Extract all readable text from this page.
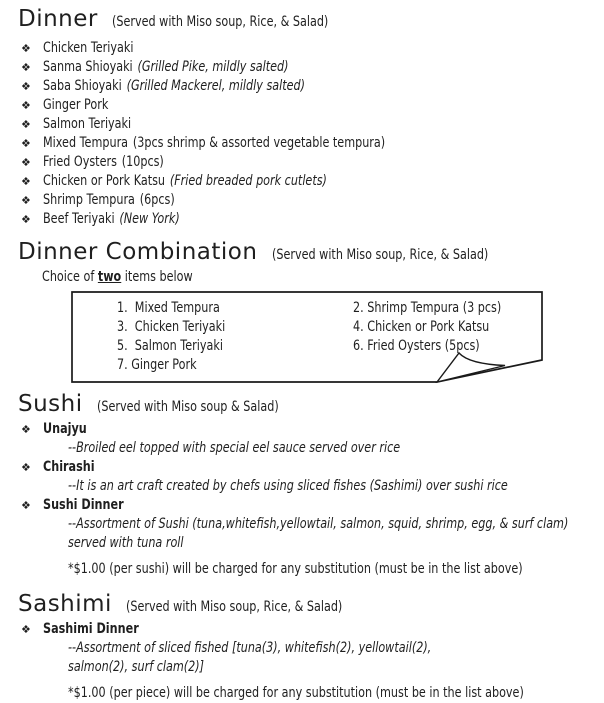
Dinner (Served with Miso soup, Rice, & Salad)
❖ Chicken Teriyaki
❖ Sanma Shioyaki (Grilled Pike, mildly salted)
❖ Saba Shioyaki (Grilled Mackerel, mildly salted)
❖ Ginger Pork
❖ Salmon Teriyaki
❖ Mixed Tempura (3pcs shrimp & assorted vegetable tempura)
❖ Fried Oysters (10pcs)
❖ Chicken or Pork Katsu (Fried breaded pork cutlets)
❖ Shrimp Tempura (6pcs)
❖ Beef Teriyaki (New York)
Dinner Combination (Served with Miso soup, Rice, & Salad)
Choice of two items below
1.  Mixed Tempura
3.  Chicken Teriyaki
5.  Salmon Teriyaki
7. Ginger Pork
2. Shrimp Tempura (3 pcs)
4. Chicken or Pork Katsu
6. Fried Oysters (5pcs)
Sushi (Served with Miso soup & Salad)
❖ Unajyu
--Broiled eel topped with special eel sauce served over rice
❖ Chirashi
--It is an art craft created by chefs using sliced fishes (Sashimi) over sushi rice
❖ Sushi Dinner
--Assortment of Sushi (tuna,whitefish,yellowtail, salmon, squid, shrimp, egg, & surf clam)
served with tuna roll
*$1.00 (per sushi) will be charged for any substitution (must be in the list above)
Sashimi (Served with Miso soup, Rice, & Salad)
❖ Sashimi Dinner
--Assortment of sliced fished [tuna(3), whitefish(2), yellowtail(2),
salmon(2), surf clam(2)]
*$1.00 (per piece) will be charged for any substitution (must be in the list above)
